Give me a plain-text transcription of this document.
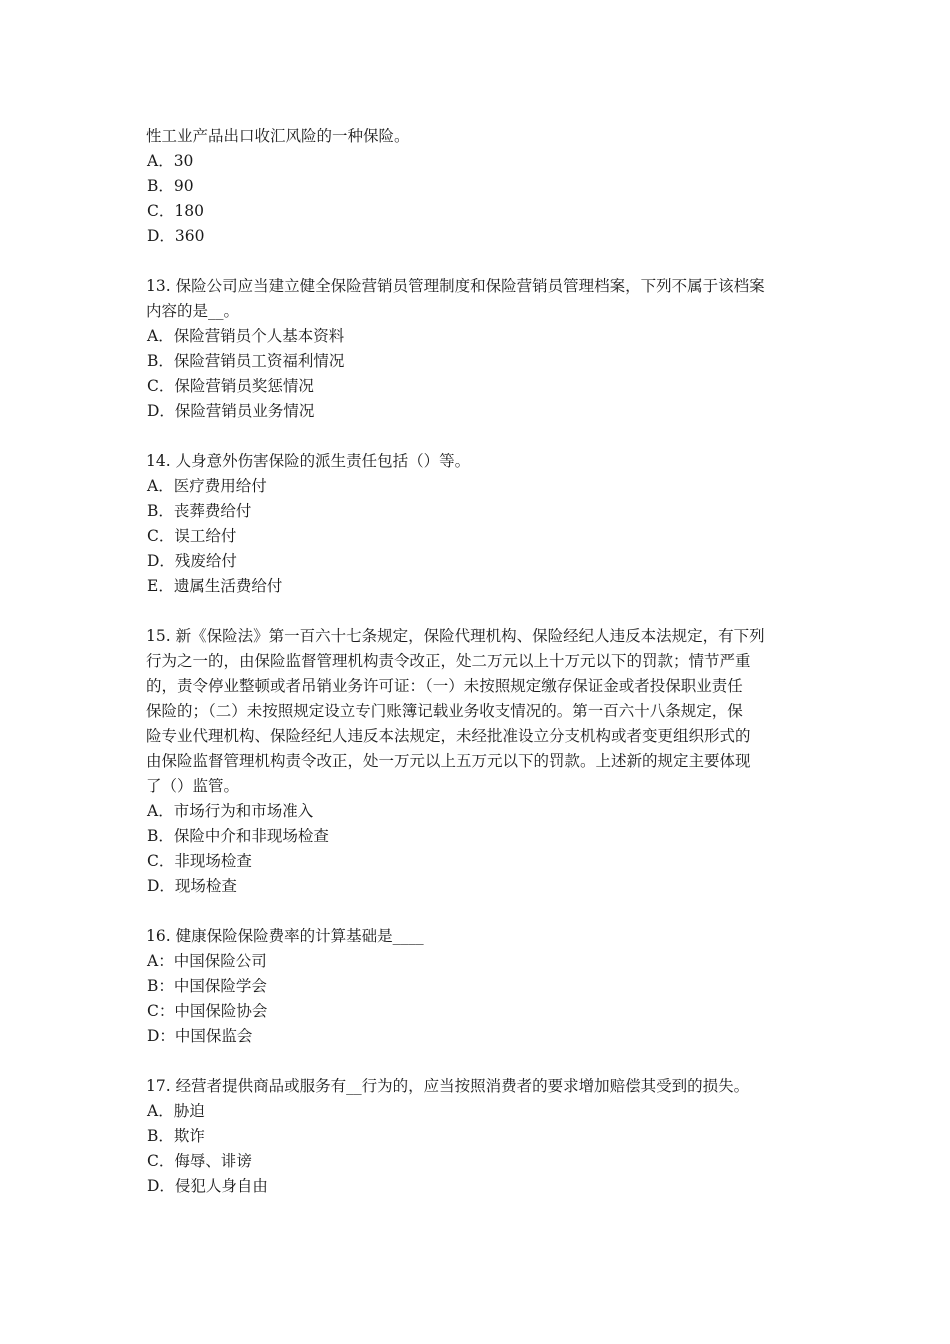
性工业产品出口收汇风险的一种保险。
A．30
B．90
C．180
D．360
13. 保险公司应当建立健全保险营销员管理制度和保险营销员管理档案，下列不属于该档案
内容的是__。
A．保险营销员个人基本资料
B．保险营销员工资福利情况
C．保险营销员奖惩情况
D．保险营销员业务情况
14. 人身意外伤害保险的派生责任包括（）等。
A．医疗费用给付
B．丧葬费给付
C．误工给付
D．残废给付
E．遗属生活费给付
15. 新《保险法》第一百六十七条规定，保险代理机构、保险经纪人违反本法规定，有下列
行为之一的，由保险监督管理机构责令改正，处二万元以上十万元以下的罚款；情节严重
的，责令停业整顿或者吊销业务许可证：（一）未按照规定缴存保证金或者投保职业责任
保险的；（二）未按照规定设立专门账簿记载业务收支情况的。第一百六十八条规定，保
险专业代理机构、保险经纪人违反本法规定，未经批准设立分支机构或者变更组织形式的
由保险监督管理机构责令改正，处一万元以上五万元以下的罚款。上述新的规定主要体现
了（）监管。
A．市场行为和市场准入
B．保险中介和非现场检查
C．非现场检查
D．现场检查
16. 健康保险保险费率的计算基础是____
A：中国保险公司
B：中国保险学会
C：中国保险协会
D：中国保监会
17. 经营者提供商品或服务有__行为的，应当按照消费者的要求增加赔偿其受到的损失。
A．胁迫
B．欺诈
C．侮辱、诽谤
D．侵犯人身自由
